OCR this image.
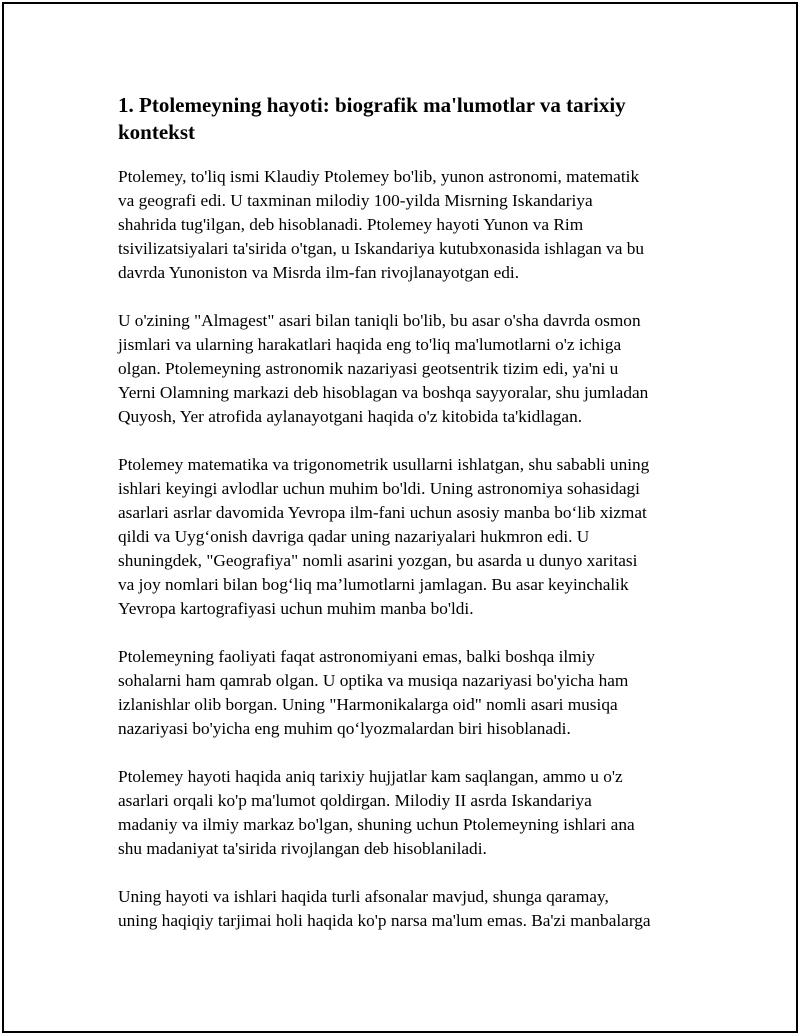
1. Ptolemeyning hayoti: biografik ma'lumotlar va tarixiy kontekst
Ptolemey, to'liq ismi Klaudiy Ptolemey bo'lib, yunon astronomi, matematik
va geografi edi. U taxminan milodiy 100-yilda Misrning Iskandariya
shahrida tug'ilgan, deb hisoblanadi. Ptolemey hayoti Yunon va Rim
tsivilizatsiyalari ta'sirida o'tgan, u Iskandariya kutubxonasida ishlagan va bu
davrda Yunoniston va Misrda ilm-fan rivojlanayotgan edi.
U o'zining "Almagest" asari bilan taniqli bo'lib, bu asar o'sha davrda osmon
jismlari va ularning harakatlari haqida eng to'liq ma'lumotlarni o'z ichiga
olgan. Ptolemeyning astronomik nazariyasi geotsentrik tizim edi, ya'ni u
Yerni Olamning markazi deb hisoblagan va boshqa sayyoralar, shu jumladan
Quyosh, Yer atrofida aylanayotgani haqida o'z kitobida ta'kidlagan.
Ptolemey matematika va trigonometrik usullarni ishlatgan, shu sababli uning
ishlari keyingi avlodlar uchun muhim bo'ldi. Uning astronomiya sohasidagi
asarlari asrlar davomida Yevropa ilm-fani uchun asosiy manba bo‘lib xizmat
qildi va Uyg‘onish davriga qadar uning nazariyalari hukmron edi. U
shuningdek, "Geografiya" nomli asarini yozgan, bu asarda u dunyo xaritasi
va joy nomlari bilan bog‘liq ma’lumotlarni jamlagan. Bu asar keyinchalik
Yevropa kartografiyasi uchun muhim manba bo'ldi.
Ptolemeyning faoliyati faqat astronomiyani emas, balki boshqa ilmiy
sohalarni ham qamrab olgan. U optika va musiqa nazariyasi bo'yicha ham
izlanishlar olib borgan. Uning "Harmonikalarga oid" nomli asari musiqa
nazariyasi bo'yicha eng muhim qo‘lyozmalardan biri hisoblanadi.
Ptolemey hayoti haqida aniq tarixiy hujjatlar kam saqlangan, ammo u o'z
asarlari orqali ko'p ma'lumot qoldirgan. Milodiy II asrda Iskandariya
madaniy va ilmiy markaz bo'lgan, shuning uchun Ptolemeyning ishlari ana
shu madaniyat ta'sirida rivojlangan deb hisoblaniladi.
Uning hayoti va ishlari haqida turli afsonalar mavjud, shunga qaramay,
uning haqiqiy tarjimai holi haqida ko'p narsa ma'lum emas. Ba'zi manbalarga
